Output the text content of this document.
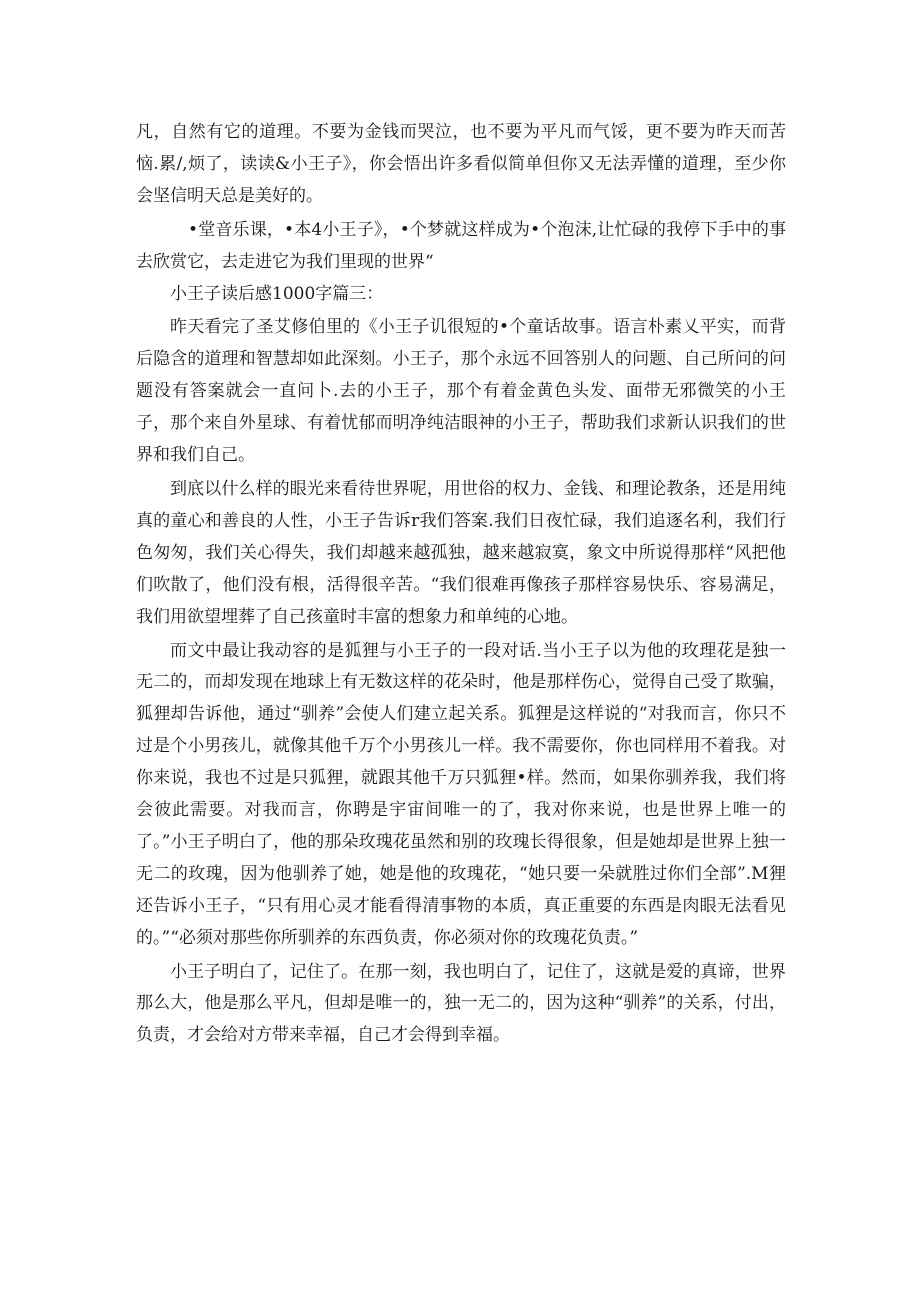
凡，自然有它的道理。不要为金钱而哭泣，也不要为平凡而气馁，更不要为昨天而苦恼.累/,烦了，读读&小王子》，你会悟出许多看似简单但你又无法弄懂的道理，至少你会坚信明天总是美好的。

•堂音乐课，•本4小王子》，•个梦就这样成为•个泡沫,让忙碌的我停下手中的事去欣赏它，去走进它为我们里现的世界“

小王子读后感1000字篇三：

昨天看完了圣艾修伯里的《小王子讥很短的•个童话故事。语言朴素乂平实，而背后隐含的道理和智慧却如此深刻。小王子，那个永远不回答别人的问题、自己所问的问题没有答案就会一直问卜.去的小王子，那个有着金黄色头发、面带无邪微笑的小王子，那个来自外星球、有着忧郁而明净纯洁眼神的小王子，帮助我们求新认识我们的世界和我们自己。

到底以什么样的眼光来看待世界呢，用世俗的权力、金钱、和理论教条，还是用纯真的童心和善良的人性，小王子告诉r我们答案.我们日夜忙碌，我们追逐名利，我们行色匆匆，我们关心得失，我们却越来越孤独，越来越寂寞，象文中所说得那样“风把他们吹散了，他们没有根，活得很辛苦。“我们很难再像孩子那样容易快乐、容易满足，我们用欲望埋葬了自己孩童时丰富的想象力和单纯的心地。

而文中最让我动容的是狐狸与小王子的一段对话.当小王子以为他的玫理花是独一无二的，而却发现在地球上有无数这样的花朵时，他是那样伤心，觉得自己受了欺骗，狐狸却告诉他，通过“驯养”会使人们建立起关系。狐狸是这样说的“对我而言，你只不过是个小男孩儿，就像其他千万个小男孩儿一样。我不需要你，你也同样用不着我。对你来说，我也不过是只狐狸，就跟其他千万只狐狸•样。然而，如果你驯养我，我们将会彼此需要。对我而言，你聘是宇宙间唯一的了，我对你来说，也是世界上唯一的了。”小王子明白了，他的那朵玫瑰花虽然和别的玫瑰长得很象，但是她却是世界上独一无二的玫瑰，因为他驯养了她，她是他的玫瑰花，“她只要一朵就胜过你们全部”.M狸还告诉小王子，“只有用心灵才能看得清事物的本质，真正重要的东西是肉眼无法看见的。”“必须对那些你所驯养的东西负责，你必须对你的玫瑰花负责。”

小王子明白了，记住了。在那一刻，我也明白了，记住了，这就是爱的真谛，世界那么大，他是那么平凡，但却是唯一的，独一无二的，因为这种“驯养”的关系，付出，负责，才会给对方带来幸福，自己才会得到幸福。
